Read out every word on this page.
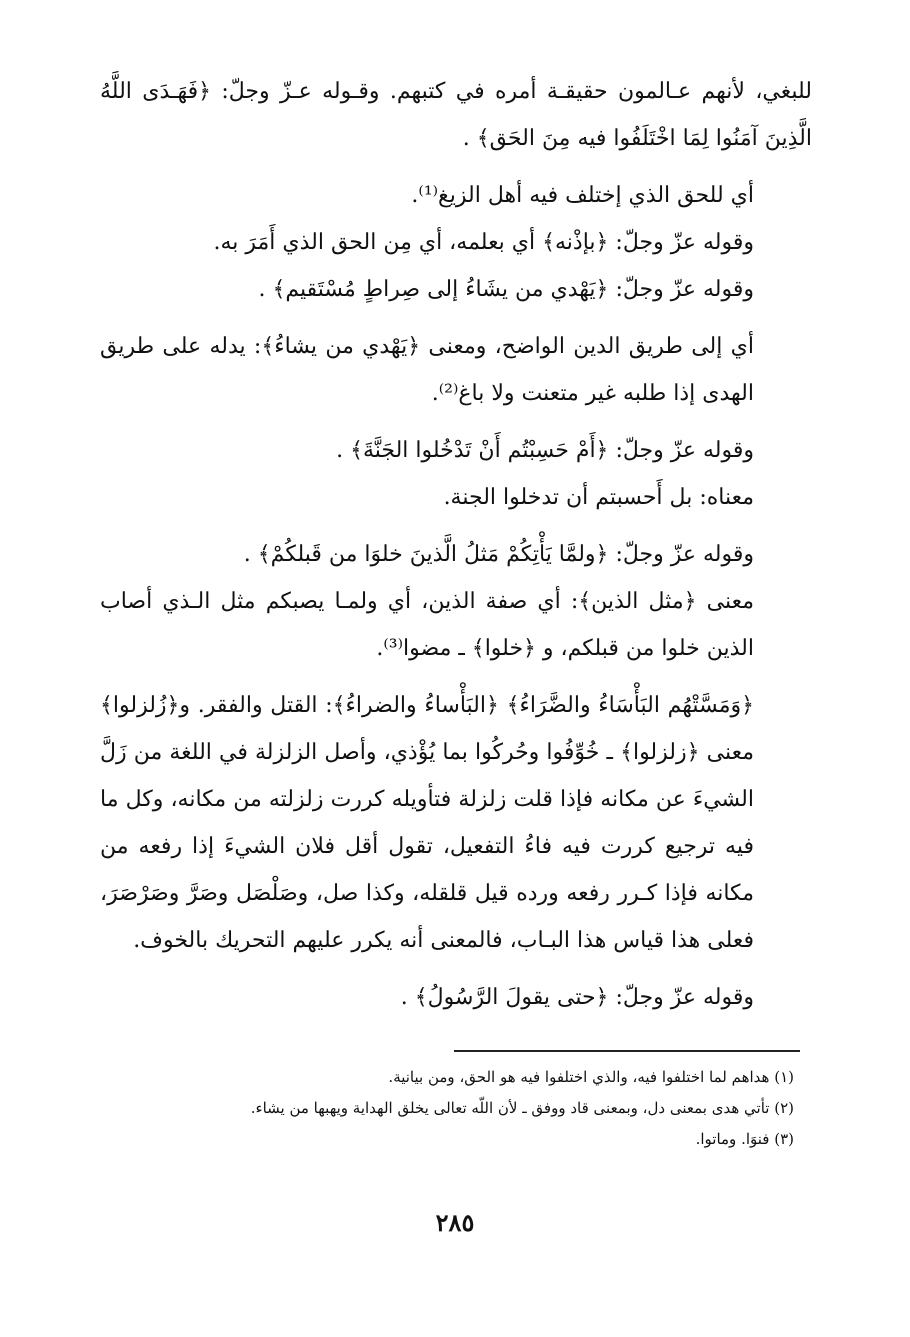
للبغي، لأنهم عـالمون حقيقـة أمره في كتبهم. وقـوله عـزّ وجلّ: ﴿فَهَـدَى اللَّهُ الَّذِينَ آمَنُوا لِمَا اخْتَلَفُوا فيه مِنَ الحَق﴾ .

أي للحق الذي إختلف فيه أهل الزيغ⁽¹⁾.

وقوله عزّ وجلّ: ﴿بإذْنه﴾ أي بعلمه، أي مِن الحق الذي أَمَرَ به.

وقوله عزّ وجلّ: ﴿يَهْدي من يشَاءُ إلى صِراطٍ مُسْتَقيم﴾ .

أي إلى طريق الدين الواضح، ومعنى ﴿يَهْدي من يشاءُ﴾: يدله على طريق الهدى إذا طلبه غير متعنت ولا باغ⁽²⁾.

وقوله عزّ وجلّ: ﴿أَمْ حَسِبْتُم أَنْ تَدْخُلوا الجَنَّةَ﴾ .

معناه: بل أَحسبتم أن تدخلوا الجنة.

وقوله عزّ وجلّ: ﴿ولمَّا يَأْتِكُمْ مَثلُ الَّذينَ خلوَا من قَبلكُمْ﴾ .

معنى ﴿مثل الذين﴾: أي صفة الذين، أي ولمـا يصبكم مثل الـذي أصاب الذين خلوا من قبلكم، و ﴿خلوا﴾ ـ مضوا⁽³⁾.

﴿وَمَسَّتْهُم البَأْسَاءُ والضَّرَاءُ﴾ ﴿البَأْساءُ والضراءُ﴾: القتل والفقر. و﴿زُلزلوا﴾ معنى ﴿زلزلوا﴾ ـ خُوِّفُوا وحُركُوا بما يُؤْذي، وأصل الزلزلة في اللغة من زَلَّ الشيءَ عن مكانه فإذا قلت زلزلة فتأويله كررت زلزلته من مكانه، وكل ما فيه ترجيع كررت فيه فاءُ التفعيل، تقول أقل فلان الشيءَ إذا رفعه من مكانه فإذا كـرر رفعه ورده قيل قلقله، وكذا صل، وصَلْصَل وصَرَّ وصَرْصَرَ، فعلى هذا قياس هذا البـاب، فالمعنى أنه يكرر عليهم التحريك بالخوف.

وقوله عزّ وجلّ: ﴿حتى يقولَ الرَّسُولُ﴾ .

(١) هداهم لما اختلفوا فيه، والذي اختلفوا فيه هو الحق، ومن بيانية.

(٢) تأتي هدى بمعنى دل، وبمعنى قاد ووفق ـ لأن اللّه تعالى يخلق الهداية ويهبها من يشاء.

(٣) فنوَا. وماتوا.

٢٨٥
